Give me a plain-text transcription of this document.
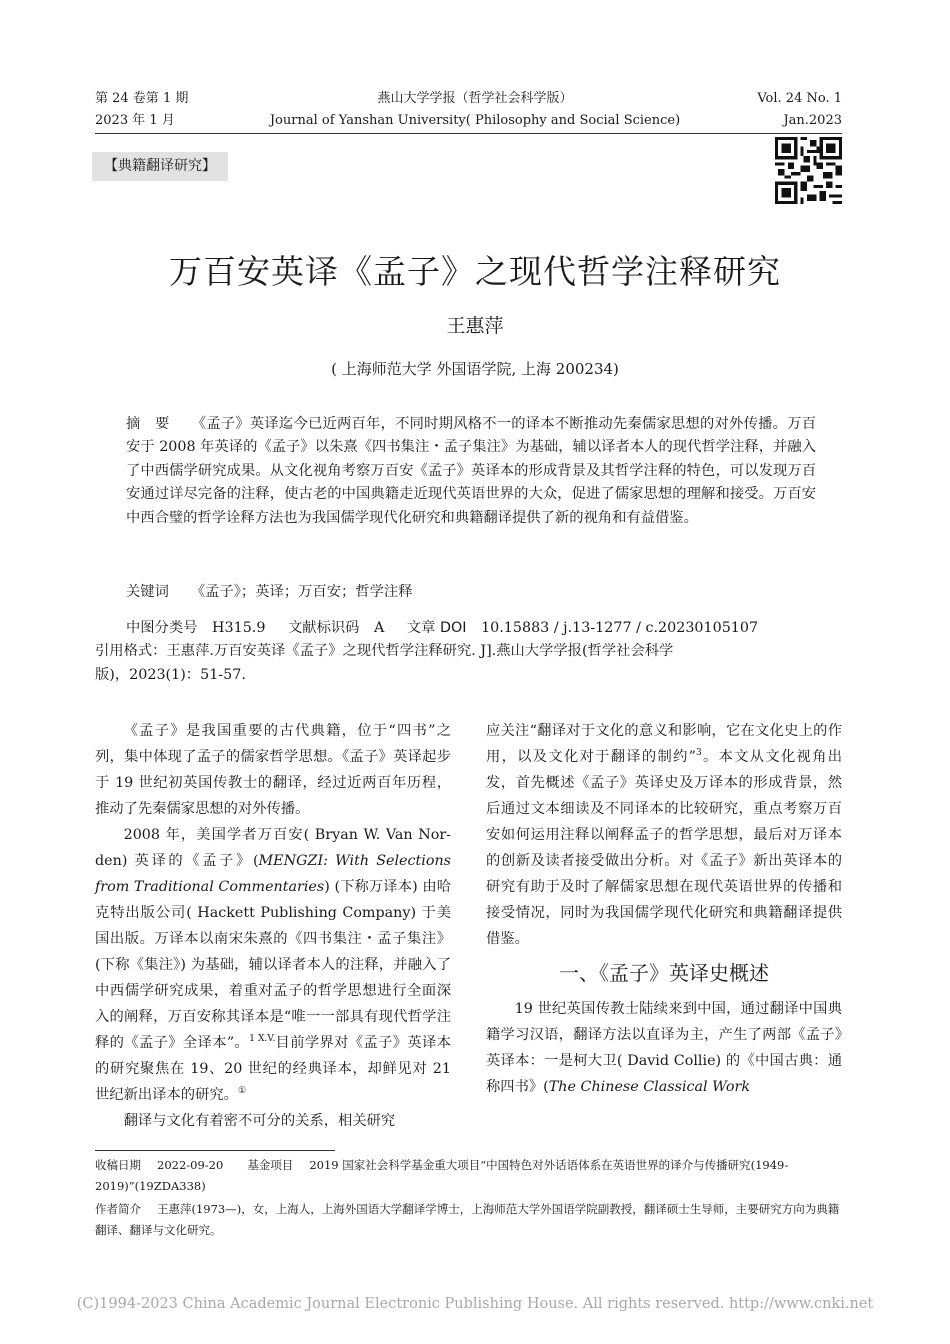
第 24 卷第 1 期
2023 年 1 月
燕山大学学报（哲学社会科学版）
Journal of Yanshan University( Philosophy and Social Science)
Vol. 24 No. 1
Jan.2023
【典籍翻译研究】
万百安英译《孟子》之现代哲学注释研究
王惠萍
( 上海师范大学 外国语学院, 上海 200234)
摘　要 《孟子》英译迄今已近两百年，不同时期风格不一的译本不断推动先秦儒家思想的对外传播。万百安于 2008 年英译的《孟子》以朱熹《四书集注・孟子集注》为基础，辅以译者本人的现代哲学注释，并融入了中西儒学研究成果。从文化视角考察万百安《孟子》英译本的形成背景及其哲学注释的特色，可以发现万百安通过详尽完备的注释，使古老的中国典籍走近现代英语世界的大众，促进了儒家思想的理解和接受。万百安中西合璧的哲学诠释方法也为我国儒学现代化研究和典籍翻译提供了新的视角和有益借鉴。
关键词 《孟子》；英译；万百安；哲学注释
中图分类号 H315.9 文献标识码 A 文章 DOI 10.15883 / j.13-1277 / c.20230105107
引用格式：王惠萍.万百安英译《孟子》之现代哲学注释研究. J].燕山大学学报(哲学社会科学
版)，2023(1)：51-57.

《孟子》是我国重要的古代典籍，位于“四书”之列，集中体现了孟子的儒家哲学思想。《孟子》英译起步于 19 世纪初英国传教士的翻译，经过近两百年历程，推动了先秦儒家思想的对外传播。

2008 年，美国学者万百安( Bryan W. Van Nor-den) 英译的《孟子》(MENGZI: With Selections from Traditional Commentaries) (下称万译本) 由哈克特出版公司( Hackett Publishing Company) 于美国出版。万译本以南宋朱熹的《四书集注・孟子集注》(下称《集注》) 为基础，辅以译者本人的注释，并融入了中西儒学研究成果，着重对孟子的哲学思想进行全面深入的阐释，万百安称其译本是“唯一一部具有现代哲学注释的《孟子》全译本”。$^{1 X.V.}$目前学界对《孟子》英译本的研究聚焦在 19、20 世纪的经典译本，却鲜见对 21 世纪新出译本的研究。①

翻译与文化有着密不可分的关系，相关研究

应关注“翻译对于文化的意义和影响，它在文化史上的作用，以及文化对于翻译的制约”$^3$。本文从文化视角出发，首先概述《孟子》英译史及万译本的形成背景，然后通过文本细读及不同译本的比较研究，重点考察万百安如何运用注释以阐释孟子的哲学思想，最后对万译本的创新及读者接受做出分析。对《孟子》新出英译本的研究有助于及时了解儒家思想在现代英语世界的传播和接受情况，同时为我国儒学现代化研究和典籍翻译提供借鉴。

一、《孟子》英译史概述

19 世纪英国传教士陆续来到中国，通过翻译中国典籍学习汉语，翻译方法以直译为主，产生了两部《孟子》英译本：一是柯大卫( David Collie) 的《中国古典：通称四书》(The Chinese Classical Work

收稿日期 2022-09-20 基金项目 2019 国家社会科学基金重大项目“中国特色对外话语体系在英语世界的译介与传播研究(1949-2019)”(19ZDA338)
作者简介 王惠萍(1973—)，女，上海人，上海外国语大学翻译学博士，上海师范大学外国语学院副教授，翻译硕士生导师，主要研究方向为典籍翻译、翻译与文化研究。
(C)1994-2023 China Academic Journal Electronic Publishing House. All rights reserved. http://www.cnki.net
